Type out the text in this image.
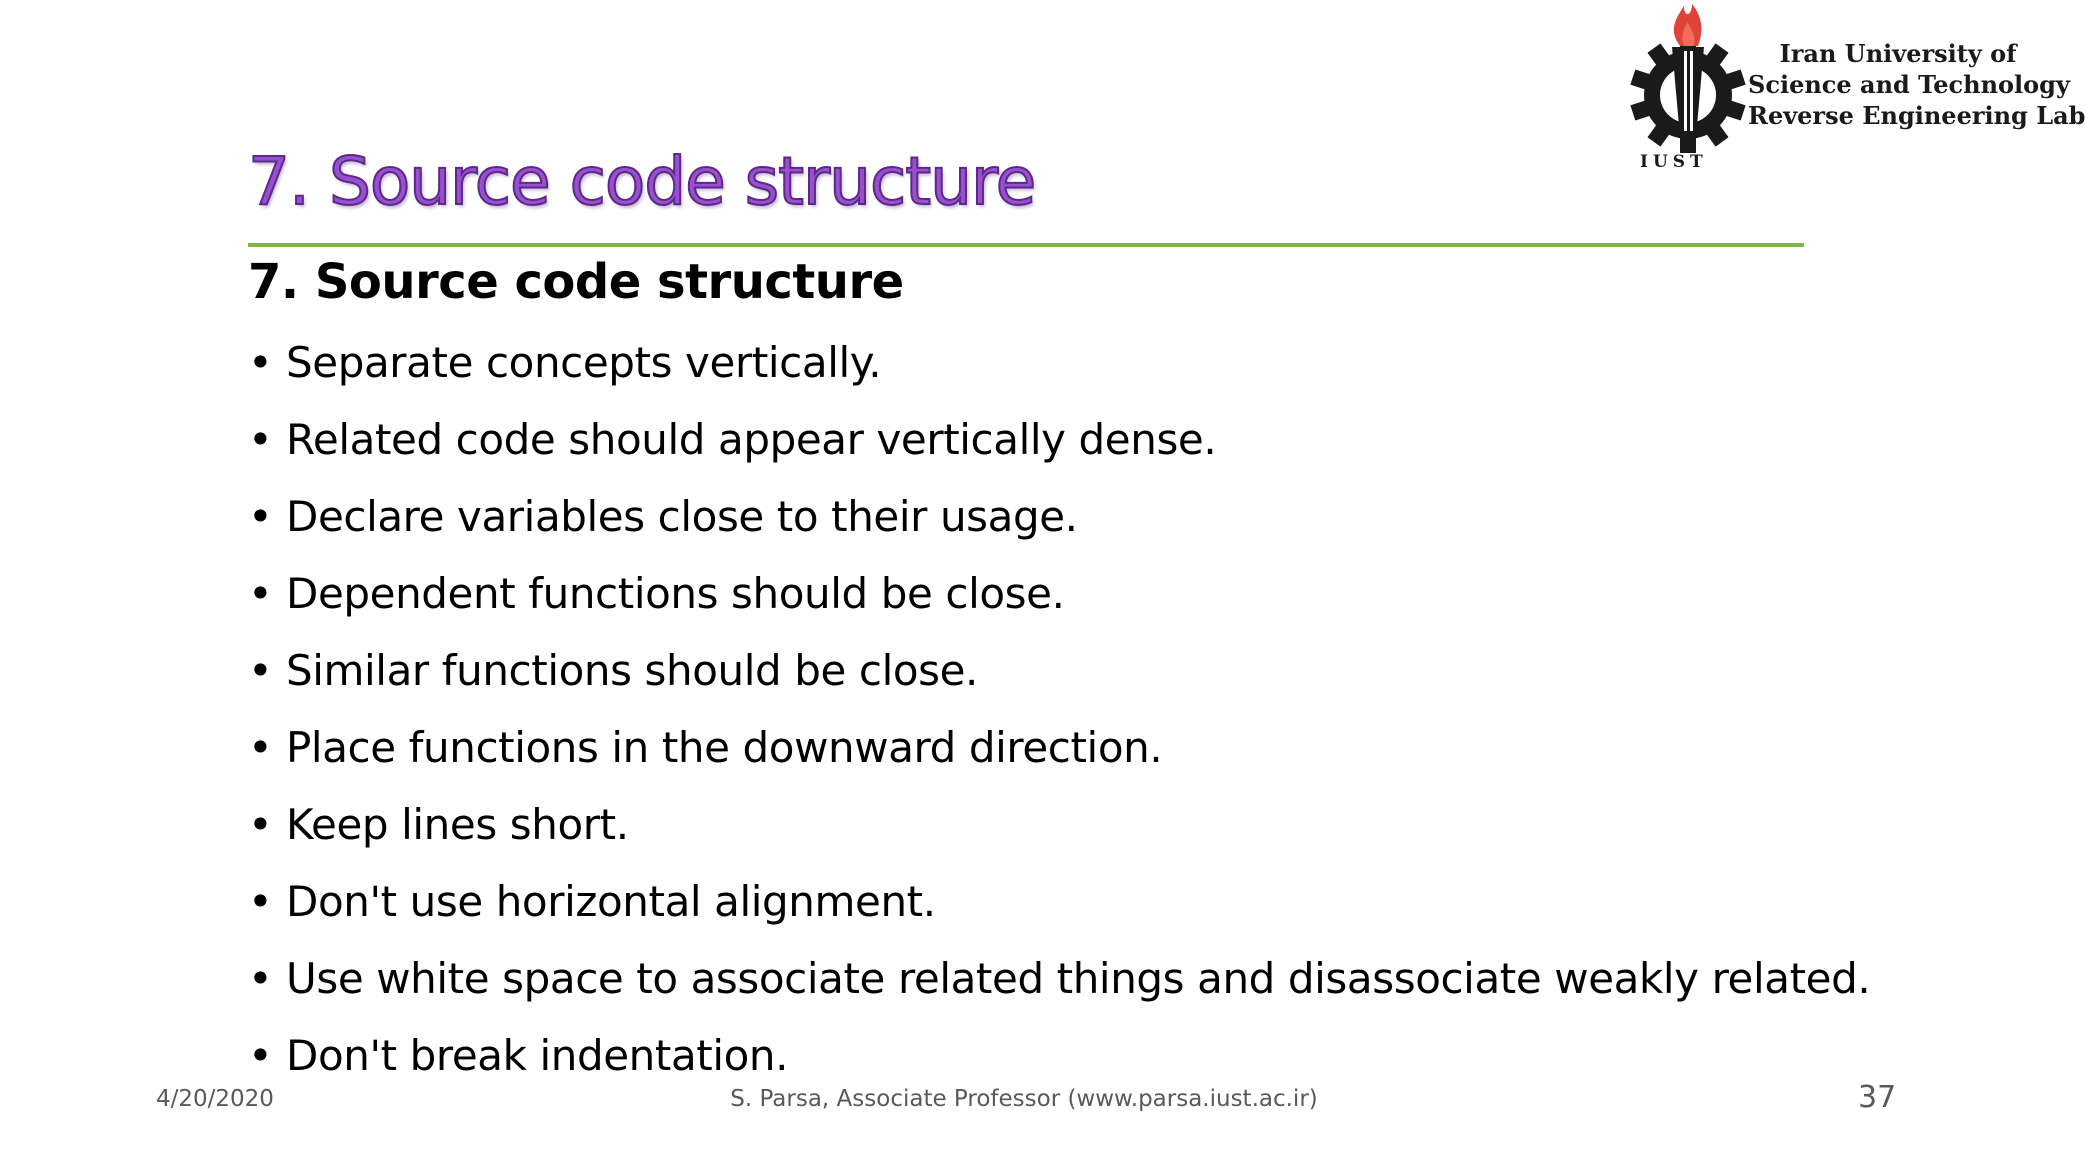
Iran University of
Science and Technology
Reverse Engineering Lab
IUST
7. Source code structure
7. Source code structure
• Separate concepts vertically.
• Related code should appear vertically dense.
• Declare variables close to their usage.
• Dependent functions should be close.
• Similar functions should be close.
• Place functions in the downward direction.
• Keep lines short.
• Don't use horizontal alignment.
• Use white space to associate related things and disassociate weakly related.
• Don't break indentation.
4/20/2020	S. Parsa, Associate Professor (www.parsa.iust.ac.ir)	37
